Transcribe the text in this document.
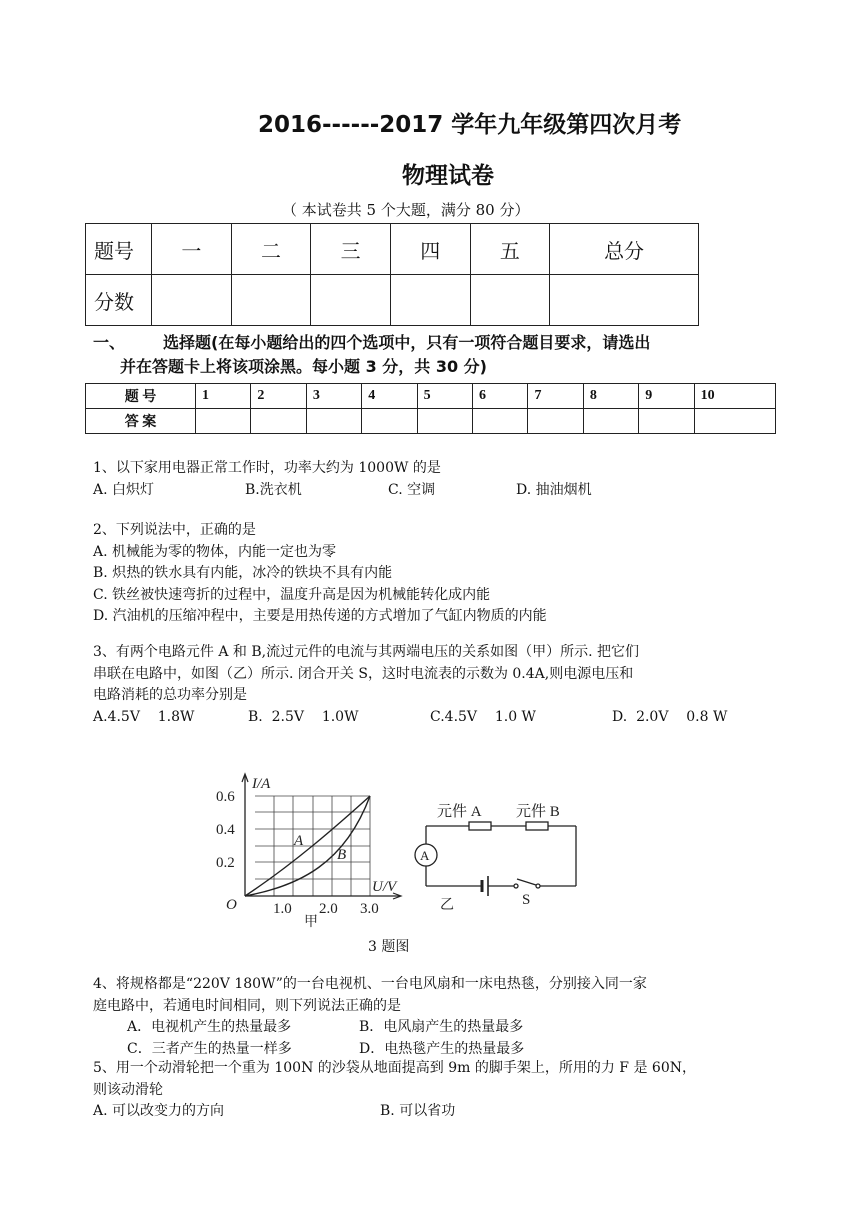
2016------2017 学年九年级第四次月考
物理试卷
（ 本试卷共 5 个大题，满分 80 分）
题号	一	二	三	四	五	总分
分数						
一、 选择题(在每小题给出的四个选项中，只有一项符合题目要求，请选出
并在答题卡上将该项涂黑。每小题 3 分，共 30 分)
题 号	1	2	3	4	5	6	7	8	9	10
答 案										
1、以下家用电器正常工作时，功率大约为 1000W 的是
A. 白炽灯	B.洗衣机	C. 空调	D. 抽油烟机
2、下列说法中，正确的是
A. 机械能为零的物体，内能一定也为零
B. 炽热的铁水具有内能，冰冷的铁块不具有内能
C. 铁丝被快速弯折的过程中，温度升高是因为机械能转化成内能
D. 汽油机的压缩冲程中，主要是用热传递的方式增加了气缸内物质的内能
3、有两个电路元件 A 和 B,流过元件的电流与其两端电压的关系如图（甲）所示. 把它们
串联在电路中，如图（乙）所示. 闭合开关 S，这时电流表的示数为 0.4A,则电源电压和
电路消耗的总功率分别是
A.4.5V    1.8W	B.  2.5V    1.0W	C.4.5V    1.0 W	D.  2.0V    0.8 W
I/A
0.6
0.4
0.2
O 1.0 2.0 3.0
U/V
A
B
甲
A
元件 A 元件 B
S
乙
3 题图
4、将规格都是“220V 180W”的一台电视机、一台电风扇和一床电热毯，分别接入同一家
庭电路中，若通电时间相同，则下列说法正确的是
A．电视机产生的热量最多	B．电风扇产生的热量最多
C．三者产生的热量一样多	D．电热毯产生的热量最多
5、用一个动滑轮把一个重为 100N 的沙袋从地面提高到 9m 的脚手架上，所用的力 F 是 60N，
则该动滑轮
A. 可以改变力的方向	B. 可以省功
